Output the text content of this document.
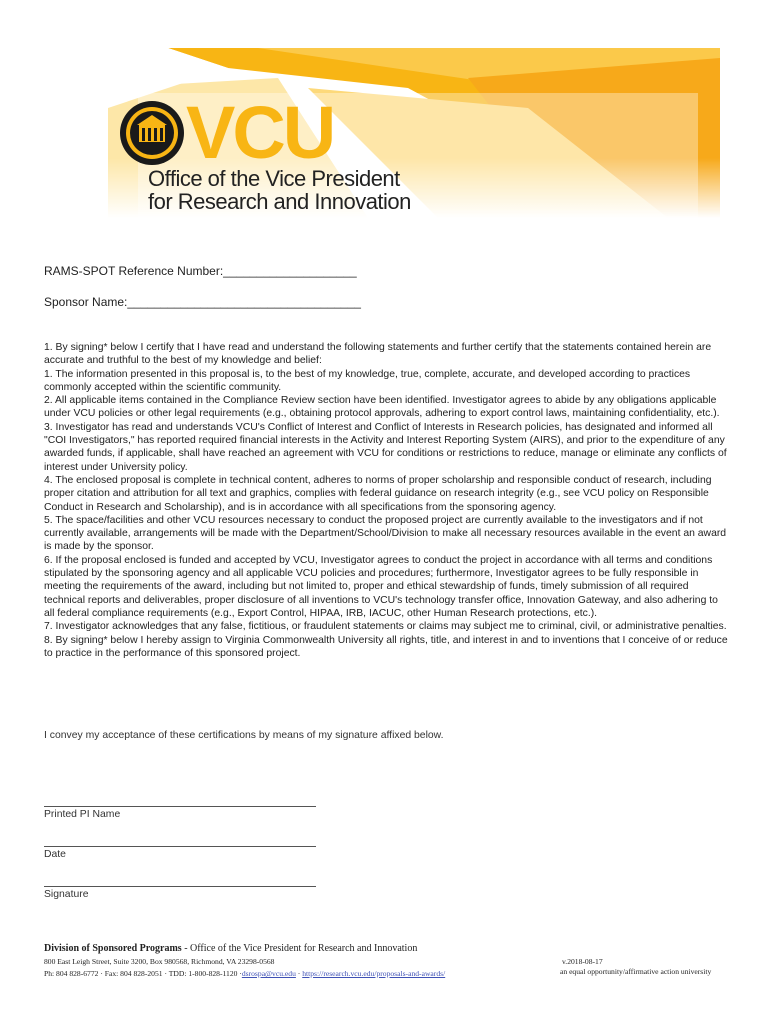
VCU
Office of the Vice President
for Research and Innovation
RAMS-SPOT Reference Number:____________________
Sponsor Name:___________________________________

1. By signing* below I certify that I have read and understand the following statements and further certify that the statements contained herein are accurate and truthful to the best of my knowledge and belief:

1. The information presented in this proposal is, to the best of my knowledge, true, complete, accurate, and developed according to practices commonly accepted within the scientific community.

2. All applicable items contained in the Compliance Review section have been identified. Investigator agrees to abide by any obligations applicable under VCU policies or other legal requirements (e.g., obtaining protocol approvals, adhering to export control laws, maintaining confidentiality, etc.).

3. Investigator has read and understands VCU's Conflict of Interest and Conflict of Interests in Research policies, has designated and informed all "COI Investigators," has reported required financial interests in the Activity and Interest Reporting System (AIRS), and prior to the expenditure of any awarded funds, if applicable, shall have reached an agreement with VCU for conditions or restrictions to reduce, manage or eliminate any conflicts of interest under University policy.

4. The enclosed proposal is complete in technical content, adheres to norms of proper scholarship and responsible conduct of research, including proper citation and attribution for all text and graphics, complies with federal guidance on research integrity (e.g., see VCU policy on Responsible Conduct in Research and Scholarship), and is in accordance with all specifications from the sponsoring agency.

5. The space/facilities and other VCU resources necessary to conduct the proposed project are currently available to the investigators and if not currently available, arrangements will be made with the Department/School/Division to make all necessary resources available in the event an award is made by the sponsor.

6. If the proposal enclosed is funded and accepted by VCU, Investigator agrees to conduct the project in accordance with all terms and conditions stipulated by the sponsoring agency and all applicable VCU policies and procedures; furthermore, Investigator agrees to be fully responsible in meeting the requirements of the award, including but not limited to, proper and ethical stewardship of funds, timely submission of all required technical reports and deliverables, proper disclosure of all inventions to VCU's technology transfer office, Innovation Gateway, and also adhering to all federal compliance requirements (e.g., Export Control, HIPAA, IRB, IACUC, other Human Research protections, etc.).

7. Investigator acknowledges that any false, fictitious, or fraudulent statements or claims may subject me to criminal, civil, or administrative penalties.

8. By signing* below I hereby assign to Virginia Commonwealth University all rights, title, and interest in and to inventions that I conceive of or reduce to practice in the performance of this sponsored project.

I convey my acceptance of these certifications by means of my signature affixed below.
Printed PI Name
Date
Signature
Division of Sponsored Programs - Office of the Vice President for Research and Innovation
800 East Leigh Street, Suite 3200, Box 980568, Richmond, VA 23298-0568
Ph: 804 828-6772 · Fax: 804 828-2051 · TDD: 1-800-828-1120 ·dsrospa@vcu.edu · https://research.vcu.edu/proposals-and-awards/
v.2018-08-17
an equal opportunity/affirmative action university
